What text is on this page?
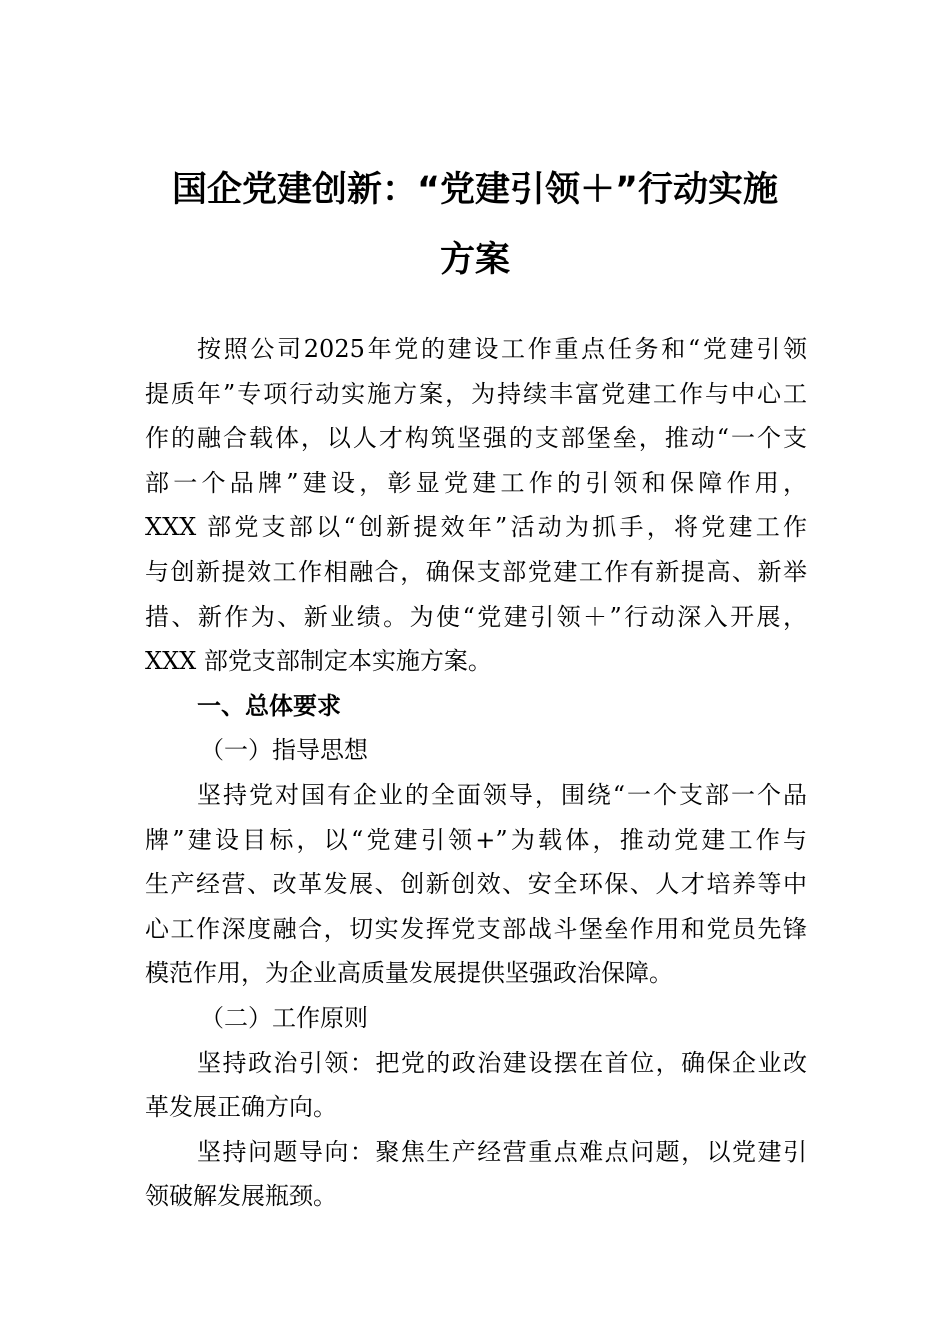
国企党建创新：“党建引领＋”行动实施
方案
按照公司2025年党的建设工作重点任务和“党建引领
提质年”专项行动实施方案，为持续丰富党建工作与中心工
作的融合载体，以人才构筑坚强的支部堡垒，推动“一个支
部一个品牌”建设，彰显党建工作的引领和保障作用，
XXX 部党支部以“创新提效年”活动为抓手，将党建工作
与创新提效工作相融合，确保支部党建工作有新提高、新举
措、新作为、新业绩。为使“党建引领＋”行动深入开展，
XXX 部党支部制定本实施方案。
一、总体要求
（一）指导思想
坚持党对国有企业的全面领导，围绕“一个支部一个品
牌”建设目标，以“党建引领+”为载体，推动党建工作与
生产经营、改革发展、创新创效、安全环保、人才培养等中
心工作深度融合，切实发挥党支部战斗堡垒作用和党员先锋
模范作用，为企业高质量发展提供坚强政治保障。
（二）工作原则
坚持政治引领：把党的政治建设摆在首位，确保企业改
革发展正确方向。
坚持问题导向：聚焦生产经营重点难点问题，以党建引
领破解发展瓶颈。
